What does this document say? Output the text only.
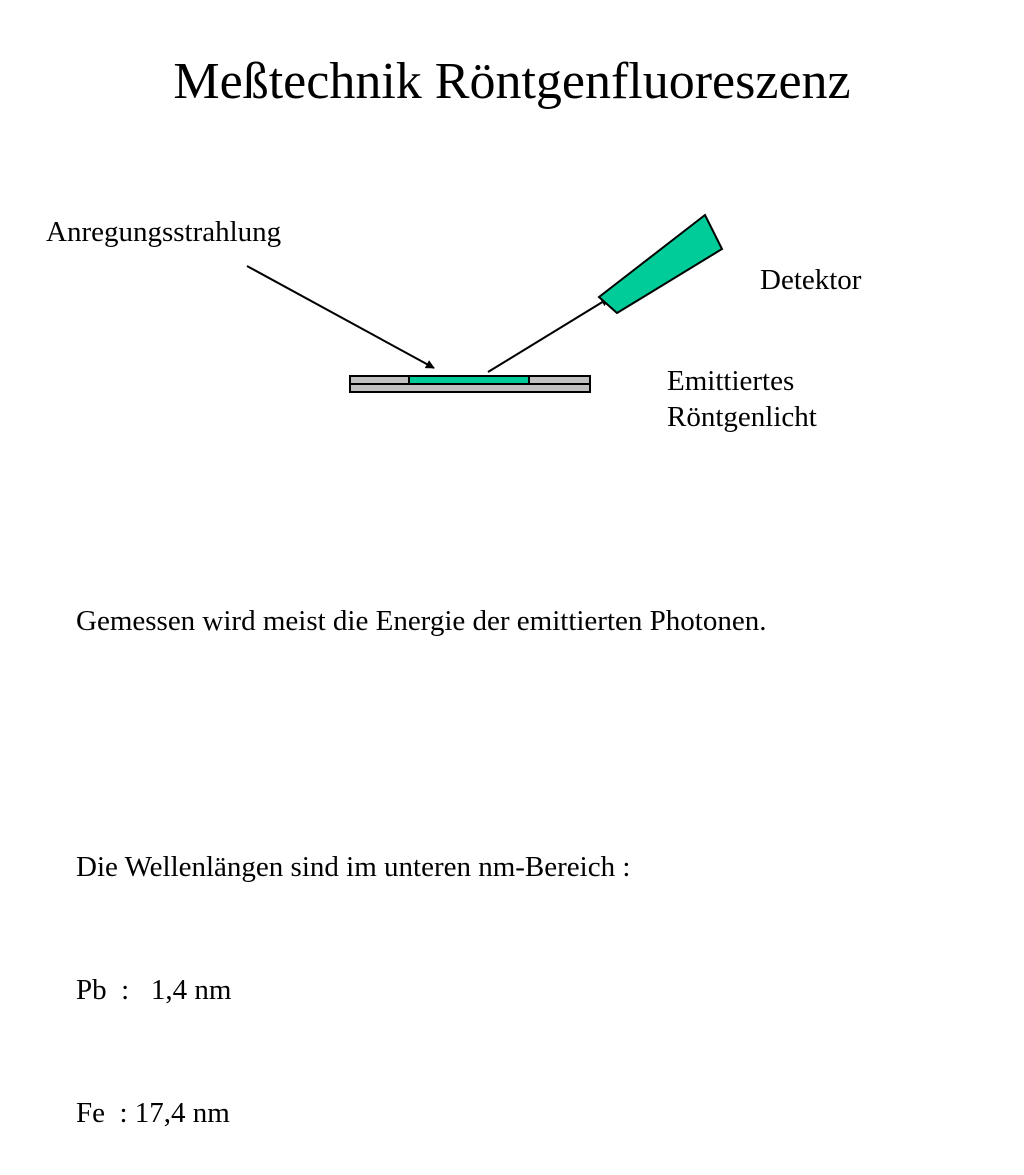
Meßtechnik Röntgenfluoreszenz
Anregungsstrahlung
Detektor
Emittiertes
Röntgenlicht

Gemessen wird meist die Energie der emittierten Photonen.

Die Wellenlängen sind im unteren nm-Bereich :

Pb  :   1,4 nm

Fe  : 17,4 nm
